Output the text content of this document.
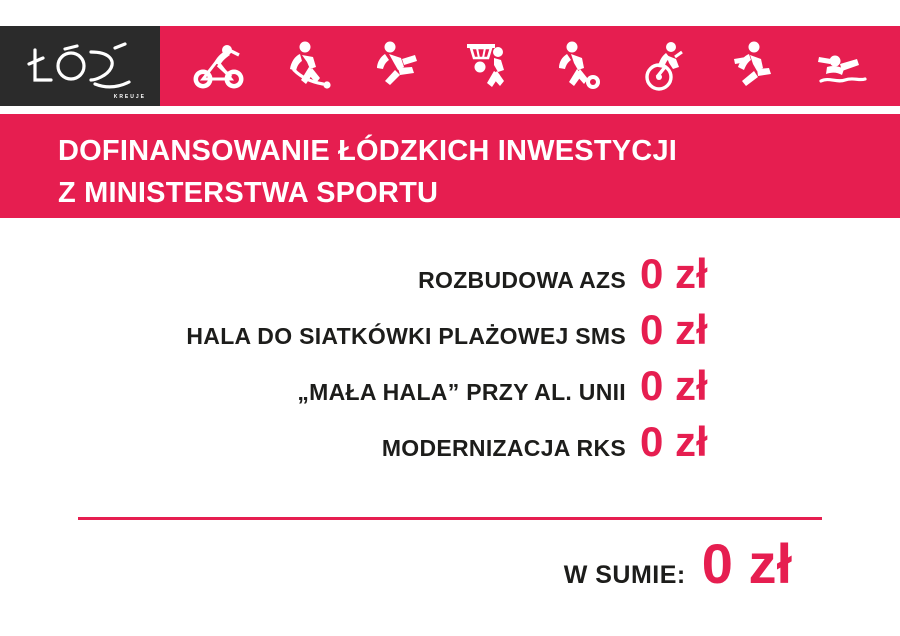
KREUJE
DOFINANSOWANIE ŁÓDZKICH INWESTYCJI
Z MINISTERSTWA SPORTU
ROZBUDOWA AZS 0 zł
HALA DO SIATKÓWKI PLAŻOWEJ SMS 0 zł
„MAŁA HALA” PRZY AL. UNII 0 zł
MODERNIZACJA RKS 0 zł
W SUMIE: 0 zł
